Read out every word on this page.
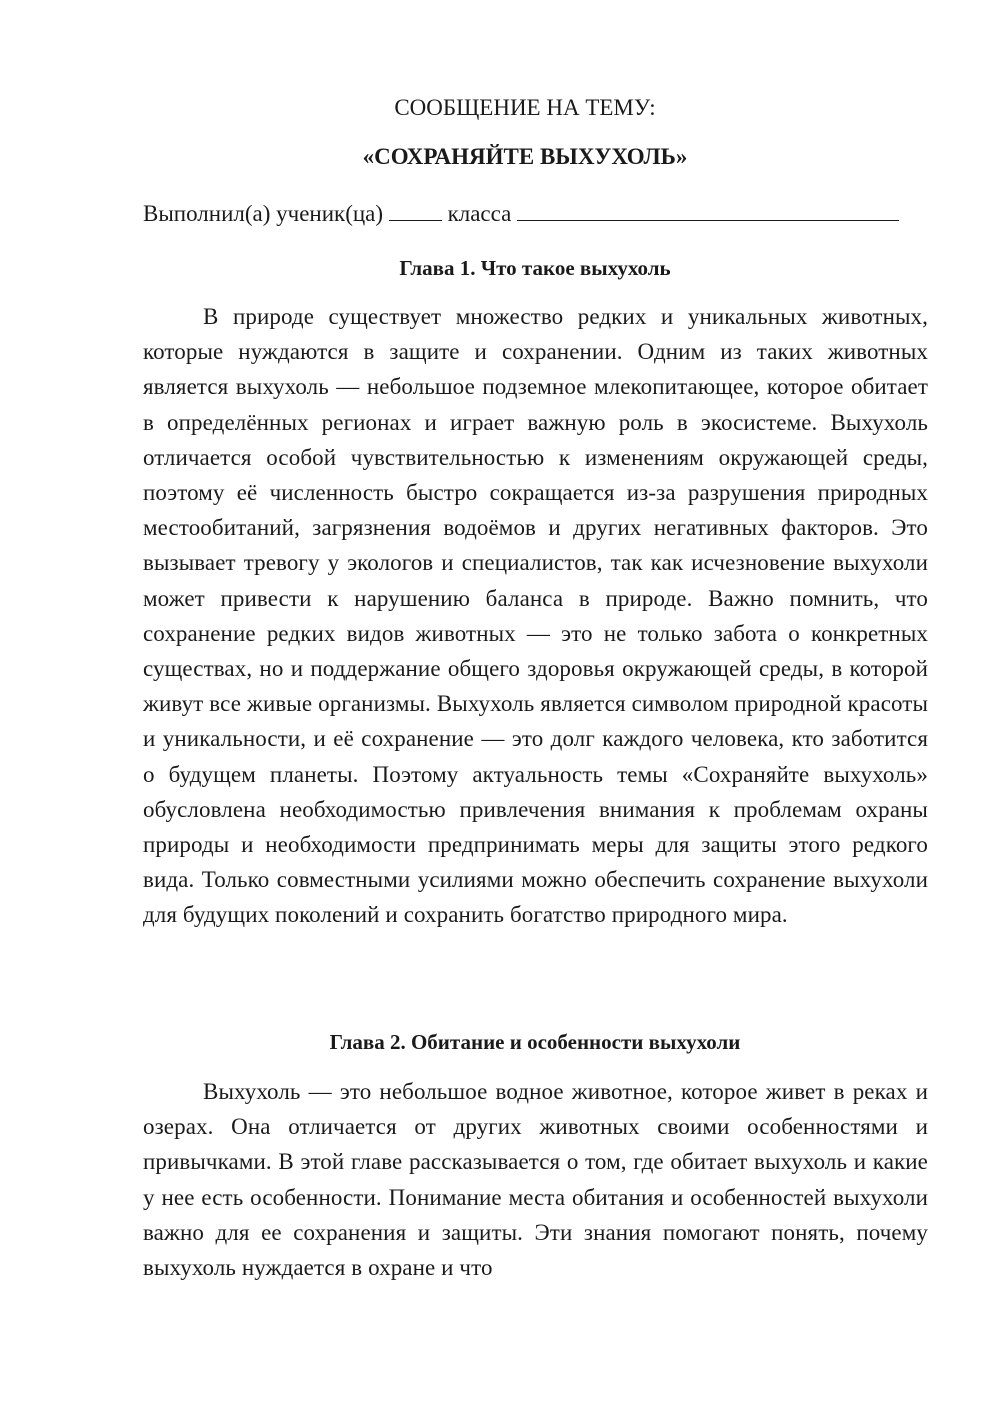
СООБЩЕНИЕ НА ТЕМУ:
«СОХРАНЯЙТЕ ВЫХУХОЛЬ»
Выполнил(а) ученик(ца)	класса
Глава 1. Что такое выхухоль

В природе существует множество редких и уникальных животных, которые нуждаются в защите и сохранении. Одним из таких животных является выхухоль — небольшое подземное млекопитающее, которое обитает в определённых регионах и играет важную роль в экосистеме. Выхухоль отличается особой чувствительностью к изменениям окружающей среды, поэтому её численность быстро сокращается из-за разрушения природных местообитаний, загрязнения водоёмов и других негативных факторов. Это вызывает тревогу у экологов и специалистов, так как исчезновение выхухоли может привести к нарушению баланса в природе. Важно помнить, что сохранение редких видов животных — это не только забота о конкретных существах, но и поддержание общего здоровья окружающей среды, в которой живут все живые организмы. Выхухоль является символом природной красоты и уникальности, и её сохранение — это долг каждого человека, кто заботится о будущем планеты. Поэтому актуальность темы «Сохраняйте выхухоль» обусловлена необходимостью привлечения внимания к проблемам охраны природы и необходимости предпринимать меры для защиты этого редкого вида. Только совместными усилиями можно обеспечить сохранение выхухоли для будущих поколений и сохранить богатство природного мира.

Глава 2. Обитание и особенности выхухоли

Выхухоль — это небольшое водное животное, которое живет в реках и озерах. Она отличается от других животных своими особенностями и привычками. В этой главе рассказывается о том, где обитает выхухоль и какие у нее есть особенности. Понимание места обитания и особенностей выхухоли важно для ее сохранения и защиты. Эти знания помогают понять, почему выхухоль нуждается в охране и что
